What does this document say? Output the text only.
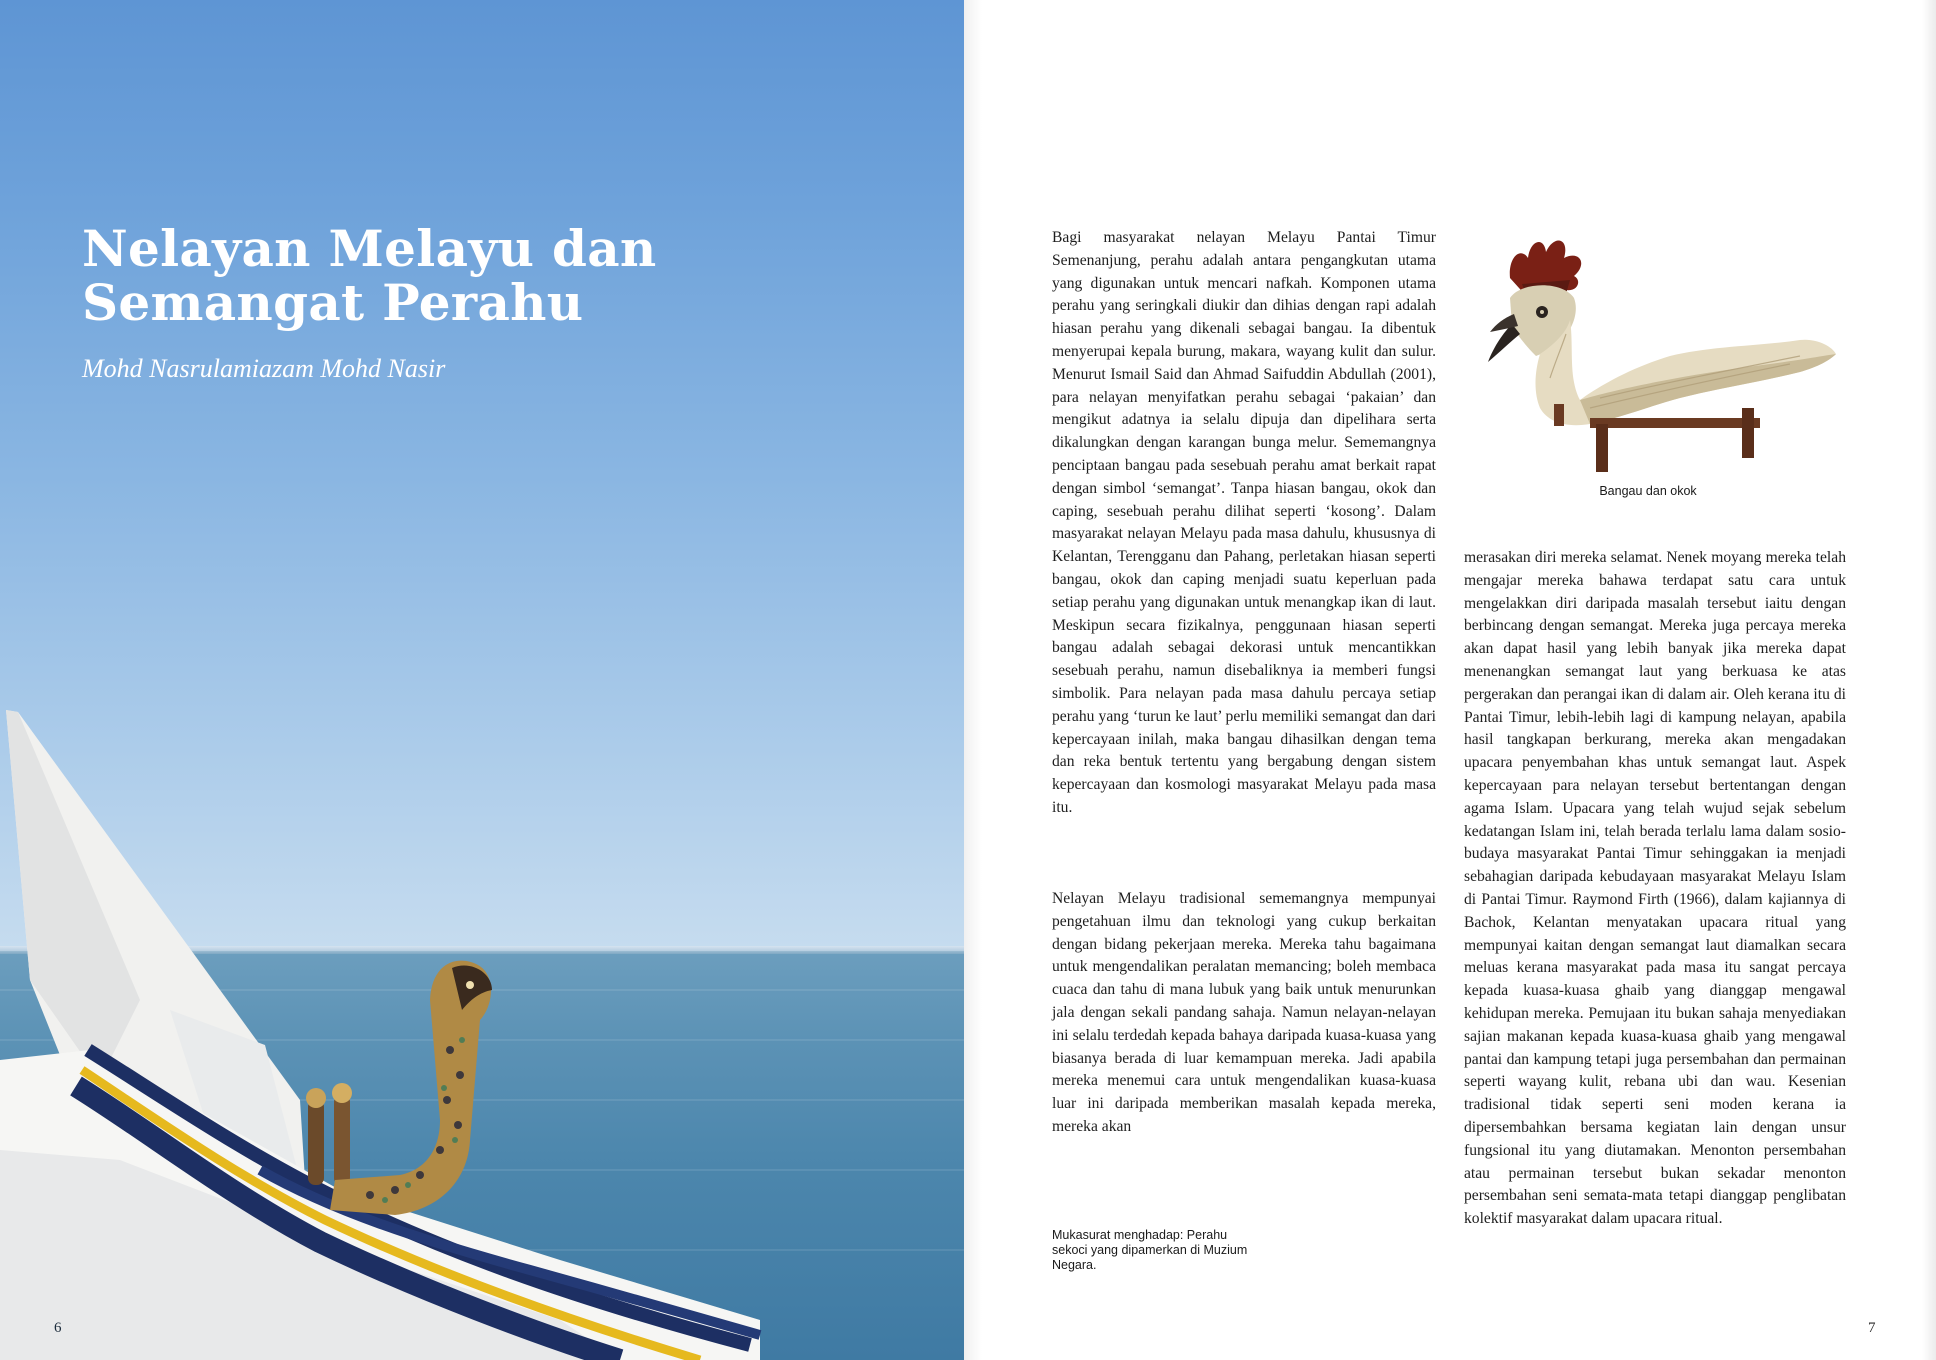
Nelayan Melayu dan
Semangat Perahu

Mohd Nasrulamiazam Mohd Nasir

6

Bagi masyarakat nelayan Melayu Pantai Timur Semenanjung, perahu adalah antara pengangkutan utama yang digunakan untuk mencari nafkah. Komponen utama perahu yang seringkali diukir dan dihias dengan rapi adalah hiasan perahu yang dikenali sebagai bangau. Ia dibentuk menyerupai kepala burung, makara, wayang kulit dan sulur. Menurut Ismail Said dan Ahmad Saifuddin Abdullah (2001), para nelayan menyifatkan perahu sebagai ‘pakaian’ dan mengikut adatnya ia selalu dipuja dan dipelihara serta dikalungkan dengan karangan bunga melur. Sememangnya penciptaan bangau pada sesebuah perahu amat berkait rapat dengan simbol ‘semangat’. Tanpa hiasan bangau, okok dan caping, sesebuah perahu dilihat seperti ‘kosong’. Dalam masyarakat nelayan Melayu pada masa dahulu, khususnya di Kelantan, Terengganu dan Pahang, perletakan hiasan seperti bangau, okok dan caping menjadi suatu keperluan pada setiap perahu yang digunakan untuk menangkap ikan di laut. Meskipun secara fizikalnya, penggunaan hiasan seperti bangau adalah sebagai dekorasi untuk mencantikkan sesebuah perahu, namun disebaliknya ia memberi fungsi simbolik. Para nelayan pada masa dahulu percaya setiap perahu yang ‘turun ke laut’ perlu memiliki semangat dan dari kepercayaan inilah, maka bangau dihasilkan dengan tema dan reka bentuk tertentu yang bergabung dengan sistem kepercayaan dan kosmologi masyarakat Melayu pada masa itu.

Nelayan Melayu tradisional sememangnya mempunyai pengetahuan ilmu dan teknologi yang cukup berkaitan dengan bidang pekerjaan mereka. Mereka tahu bagaimana untuk mengendalikan peralatan memancing; boleh membaca cuaca dan tahu di mana lubuk yang baik untuk menurunkan jala dengan sekali pandang sahaja. Namun nelayan-nelayan ini selalu terdedah kepada bahaya daripada kuasa-kuasa yang biasanya berada di luar kemampuan mereka. Jadi apabila mereka menemui cara untuk mengendalikan kuasa-kuasa luar ini daripada memberikan masalah kepada mereka, mereka akan

merasakan diri mereka selamat. Nenek moyang mereka telah mengajar mereka bahawa terdapat satu cara untuk mengelakkan diri daripada masalah tersebut iaitu dengan berbincang dengan semangat. Mereka juga percaya mereka akan dapat hasil yang lebih banyak jika mereka dapat menenangkan semangat laut yang berkuasa ke atas pergerakan dan perangai ikan di dalam air. Oleh kerana itu di Pantai Timur, lebih-lebih lagi di kampung nelayan, apabila hasil tangkapan berkurang, mereka akan mengadakan upacara penyembahan khas untuk semangat laut. Aspek kepercayaan para nelayan tersebut bertentangan dengan agama Islam. Upacara yang telah wujud sejak sebelum kedatangan Islam ini, telah berada terlalu lama dalam sosio-budaya masyarakat Pantai Timur sehinggakan ia menjadi sebahagian daripada kebudayaan masyarakat Melayu Islam di Pantai Timur. Raymond Firth (1966), dalam kajiannya di Bachok, Kelantan menyatakan upacara ritual yang mempunyai kaitan dengan semangat laut diamalkan secara meluas kerana masyarakat pada masa itu sangat percaya kepada kuasa-kuasa ghaib yang dianggap mengawal kehidupan mereka. Pemujaan itu bukan sahaja menyediakan sajian makanan kepada kuasa-kuasa ghaib yang mengawal pantai dan kampung tetapi juga persembahan dan permainan seperti wayang kulit, rebana ubi dan wau. Kesenian tradisional tidak seperti seni moden kerana ia dipersembahkan bersama kegiatan lain dengan unsur fungsional itu yang diutamakan. Menonton persembahan atau permainan tersebut bukan sekadar menonton persembahan seni semata-mata tetapi dianggap penglibatan kolektif masyarakat dalam upacara ritual.

Bangau dan okok

Mukasurat menghadap: Perahu
sekoci yang dipamerkan di Muzium
Negara.

7
